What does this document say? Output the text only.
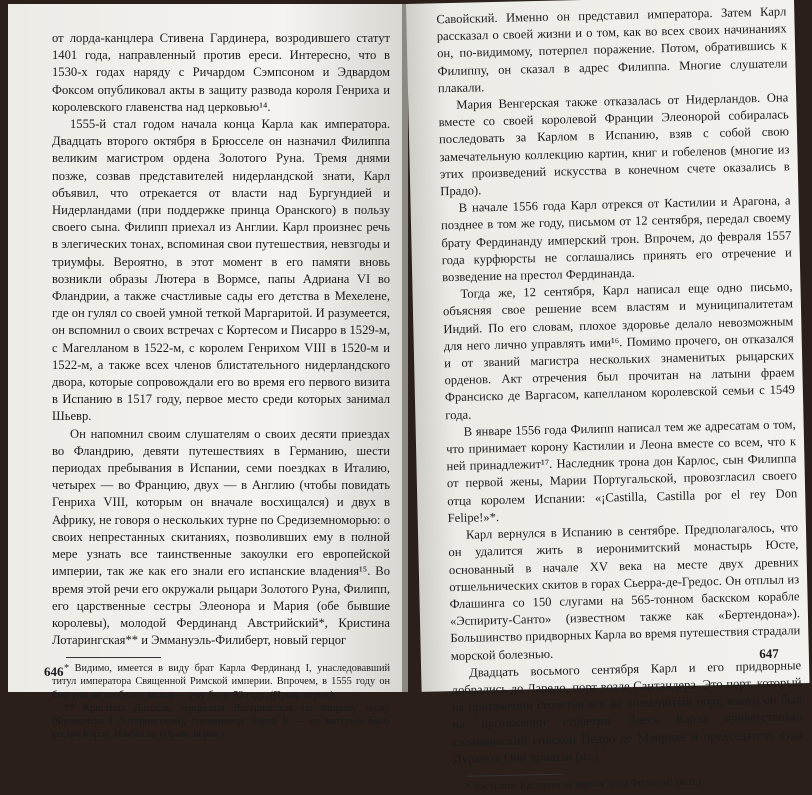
от лорда-канцлера Стивена Гардинера, возродившего статут 1401 года, направленный против ереси. Интересно, что в 1530-х годах наряду с Ричардом Сэмпсоном и Эдвардом Фоксом опубликовал акты в защиту развода короля Генриха и королевского главенства над церковью¹⁴.

1555-й стал годом начала конца Карла как императора. Двадцать второго октября в Брюсселе он назначил Филиппа великим магистром ордена Золотого Руна. Тремя днями позже, созвав представителей нидерландской знати, Карл объявил, что отрекается от власти над Бургундией и Нидерландами (при поддержке принца Оранского) в пользу своего сына. Филипп приехал из Англии. Карл произнес речь в элегических тонах, вспоминая свои путешествия, невзгоды и триумфы. Вероятно, в этот момент в его памяти вновь возникли образы Лютера в Вормсе, папы Адриана VI во Фландрии, а также счастливые сады его детства в Мехелене, где он гулял со своей умной теткой Маргаритой. И разумеется, он вспомнил о своих встречах с Кортесом и Писарро в 1529-м, с Магелланом в 1522-м, с королем Генрихом VIII в 1520-м и 1522-м, а также всех членов блистательного нидерландского двора, которые сопровождали его во время его первого визита в Испанию в 1517 году, первое место среди которых занимал Шьевр.

Он напомнил своим слушателям о своих десяти приездах во Фландрию, девяти путешествиях в Германию, шести периодах пребывания в Испании, семи поездках в Италию, четырех — во Францию, двух — в Англию (чтобы повидать Генриха VIII, которым он вначале восхищался) и двух в Африку, не говоря о нескольких турне по Средиземноморью: о своих непрестанных скитаниях, позволивших ему в полной мере узнать все таинственные закоулки его европейской империи, так же как его знали его испанские владения¹⁵. Во время этой речи его окружали рыцари Золотого Руна, Филипп, его царственные сестры Элеонора и Мария (обе бывшие королевы), молодой Фердинанд Австрийский*, Кристина Лотарингская** и Эммануэль-Филиберт, новый герцог

* Видимо, имеется в виду брат Карла Фердинанд I, унаследовавший титул императора Священной Римской империи. Впрочем, в 1555 году он был уже не особенно молод — ему было 52 года. (Прим. перев.)

** Кристина Датская, герцогиня Лотарингская по второму мужу (Франциска I Лотарингский), племянница Карла V — ее матерью была сестра Карла, Изабелла. (Прим. перев.)

646

Савойский. Именно он представил императора. Затем Карл рассказал о своей жизни и о том, как во всех своих начинаниях он, по-видимому, потерпел поражение. Потом, обратившись к Филиппу, он сказал в адрес Филиппа. Многие слушатели плакали.

Мария Венгерская также отказалась от Нидерландов. Она вместе со своей королевой Франции Элеонорой собиралась последовать за Карлом в Испанию, взяв с собой свою замечательную коллекцию картин, книг и гобеленов (многие из этих произведений искусства в конечном счете оказались в Прадо).

В начале 1556 года Карл отрекся от Кастилии и Арагона, а позднее в том же году, письмом от 12 сентября, передал своему брату Фердинанду имперский трон. Впрочем, до февраля 1557 года курфюрсты не соглашались принять его отречение и возведение на престол Фердинанда.

Тогда же, 12 сентября, Карл написал еще одно письмо, объясняя свое решение всем властям и муниципалитетам Индий. По его словам, плохое здоровье делало невозможным для него лично управлять ими¹⁶. Помимо прочего, он отказался и от званий магистра нескольких знаменитых рыцарских орденов. Акт отречения был прочитан на латыни фраем Франсиско де Варгасом, капелланом королевской семьи с 1549 года.

В январе 1556 года Филипп написал тем же адресатам о том, что принимает корону Кастилии и Леона вместе со всем, что к ней принадлежит¹⁷. Наследник трона дон Карлос, сын Филиппа от первой жены, Марии Португальской, провозгласил своего отца королем Испании: «¡Castilla, Castilla por el rey Don Felipe!»*.

Карл вернулся в Испанию в сентябре. Предполагалось, что он удалится жить в иеронимитский монастырь Юсте, основанный в начале XV века на месте двух древних отшельнических скитов в горах Сьерра-де-Гредос. Он отплыл из Флашинга со 150 слугами на 565-тонном баскском корабле «Эспириту-Санто» (известном также как «Бертендона»). Большинство придворных Карла во время путешествия страдали морской болезнью.

Двадцать восьмого сентября Карл и его придворные добрались до Ларедо, порт возле Сантандера. Это порт, который на протяжении столетия все же знаменитый порт, каким он был на протяжении столетия. Здесь Карла приветствовал саламанкский епископ Педро де Манрике и председатель суда Дуранго. Они пришли (ит.)

* Кастилия, Кастилия за короля дона Филиппа! (исп.)

647
